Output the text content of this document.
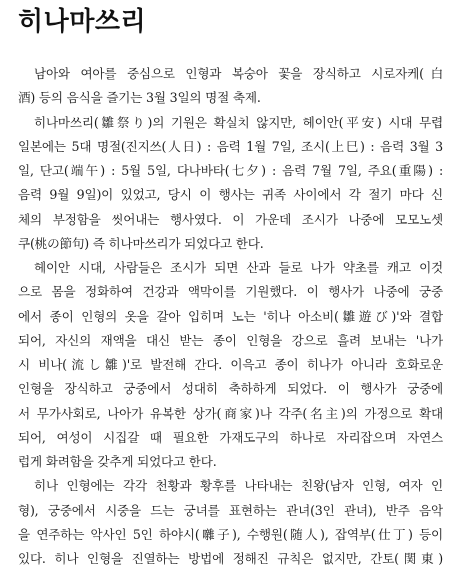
히나마쓰리
남아와 여아를 중심으로 인형과 복숭아 꽃을 장식하고 시로자케(白
酒) 등의 음식을 즐기는 3월 3일의 명절 축제.
히나마쓰리(雛祭り)의 기원은 확실치 않지만, 헤이안(平安) 시대 무렵
일본에는 5대 명절(진지쓰(人日) : 음력 1월 7일, 조시(上巳) : 음력 3월 3
일, 단고(端午) : 5월 5일, 다나바타(七夕) : 음력 7월 7일, 주요(重陽) :
음력 9월 9일)이 있었고, 당시 이 행사는 귀족 사이에서 각 절기 마다 신
체의 부정함을 씻어내는 행사였다. 이 가운데 조시가 나중에 모모노셋
쿠(桃の節句) 즉 히나마쓰리가 되었다고 한다.
헤이안 시대, 사람들은 조시가 되면 산과 들로 나가 약초를 캐고 이것
으로 몸을 정화하여 건강과 액막이를 기원했다. 이 행사가 나중에 궁중
에서 종이 인형의 옷을 갈아 입히며 노는 '히나 아소비(雛遊び)'와 결합
되어, 자신의 재액을 대신 받는 종이 인형을 강으로 흘려 보내는 '나가
시 비나(流し雛)'로 발전해 간다. 이윽고 종이 히나가 아니라 호화로운
인형을 장식하고 궁중에서 성대히 축하하게 되었다. 이 행사가 궁중에
서 무가사회로, 나아가 유복한 상가(商家)나 각주(名主)의 가정으로 확대
되어, 여성이 시집갈 때 필요한 가재도구의 하나로 자리잡으며 자연스
럽게 화려함을 갖추게 되었다고 한다.
히나 인형에는 각각 천황과 황후를 나타내는 친왕(남자 인형, 여자 인
형), 궁중에서 시중을 드는 궁녀를 표현하는 관녀(3인 관녀), 반주 음악
을 연주하는 악사인 5인 하야시(囃子), 수행원(随人), 잡역부(仕丁) 등이
있다. 히나 인형을 진열하는 방법에 정해진 규칙은 없지만, 간토(関東)
